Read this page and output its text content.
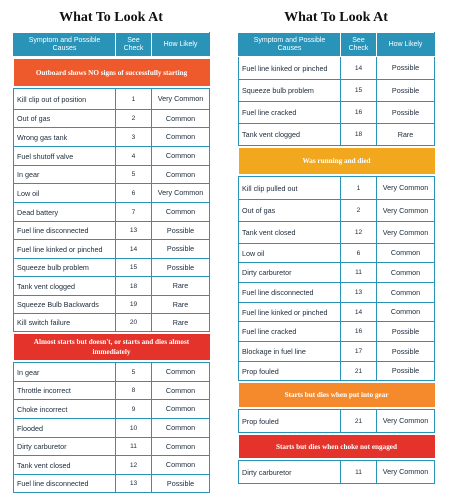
What To Look At
Symptom and Possible Causes	See Check	How Likely

Outboard shows NO signs of successfully starting		

Kill clip out of position	1	Very Common
Out of gas	2	Common
Wrong gas tank	3	Common
Fuel shutoff valve	4	Common
In gear	5	Common
Low oil	6	Very Common
Dead battery	7	Common
Fuel line disconnected	13	Possible
Fuel line kinked or pinched	14	Possible
Squeeze bulb problem	15	Possible
Tank vent clogged	18	Rare
Squeeze Bulb Backwards	19	Rare
Kill switch failure	20	Rare

Almost starts but doesn't, or starts and dies almost immediately		

In gear	5	Common
Throttle incorrect	8	Common
Choke incorrect	9	Common
Flooded	10	Common
Dirty carburetor	11	Common
Tank vent closed	12	Common
Fuel line disconnected	13	Possible
What To Look At
Symptom and Possible Causes	See Check	How Likely
Fuel line kinked or pinched	14	Possible
Squeeze bulb problem	15	Possible
Fuel line cracked	16	Possible
Tank vent clogged	18	Rare

Was running and died		

Kill clip pulled out	1	Very Common
Out of gas	2	Very Common
Tank vent closed	12	Very Common
Low oil	6	Common
Dirty carburetor	11	Common
Fuel line disconnected	13	Common
Fuel line kinked or pinched	14	Common
Fuel line cracked	16	Possible
Blockage in fuel line	17	Possible
Prop fouled	21	Possible

Starts but dies when put into gear		

Prop fouled	21	Very Common

Starts but dies when choke not engaged		

Dirty carburetor	11	Very Common
